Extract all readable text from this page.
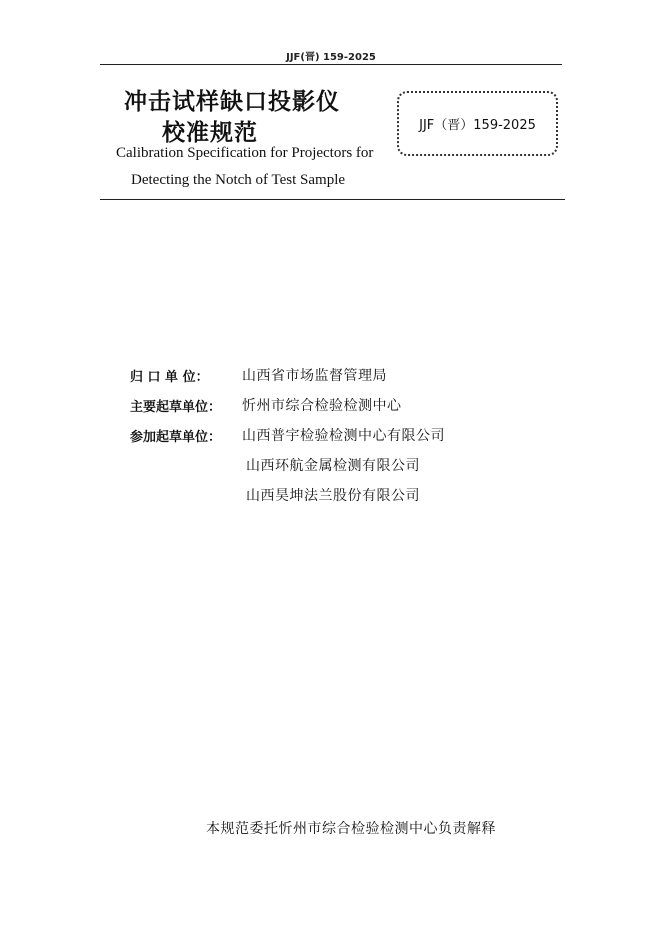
JJF(晋) 159-2025
冲击试样缺口投影仪
校准规范
Calibration Specification for Projectors for
Detecting the Notch of Test Sample
JJF（晋）159-2025
归 口 单 位：	山西省市场监督管理局
主要起草单位：	忻州市综合检验检测中心
参加起草单位：	山西普宇检验检测中心有限公司
山西环航金属检测有限公司
山西昊坤法兰股份有限公司
本规范委托忻州市综合检验检测中心负责解释
